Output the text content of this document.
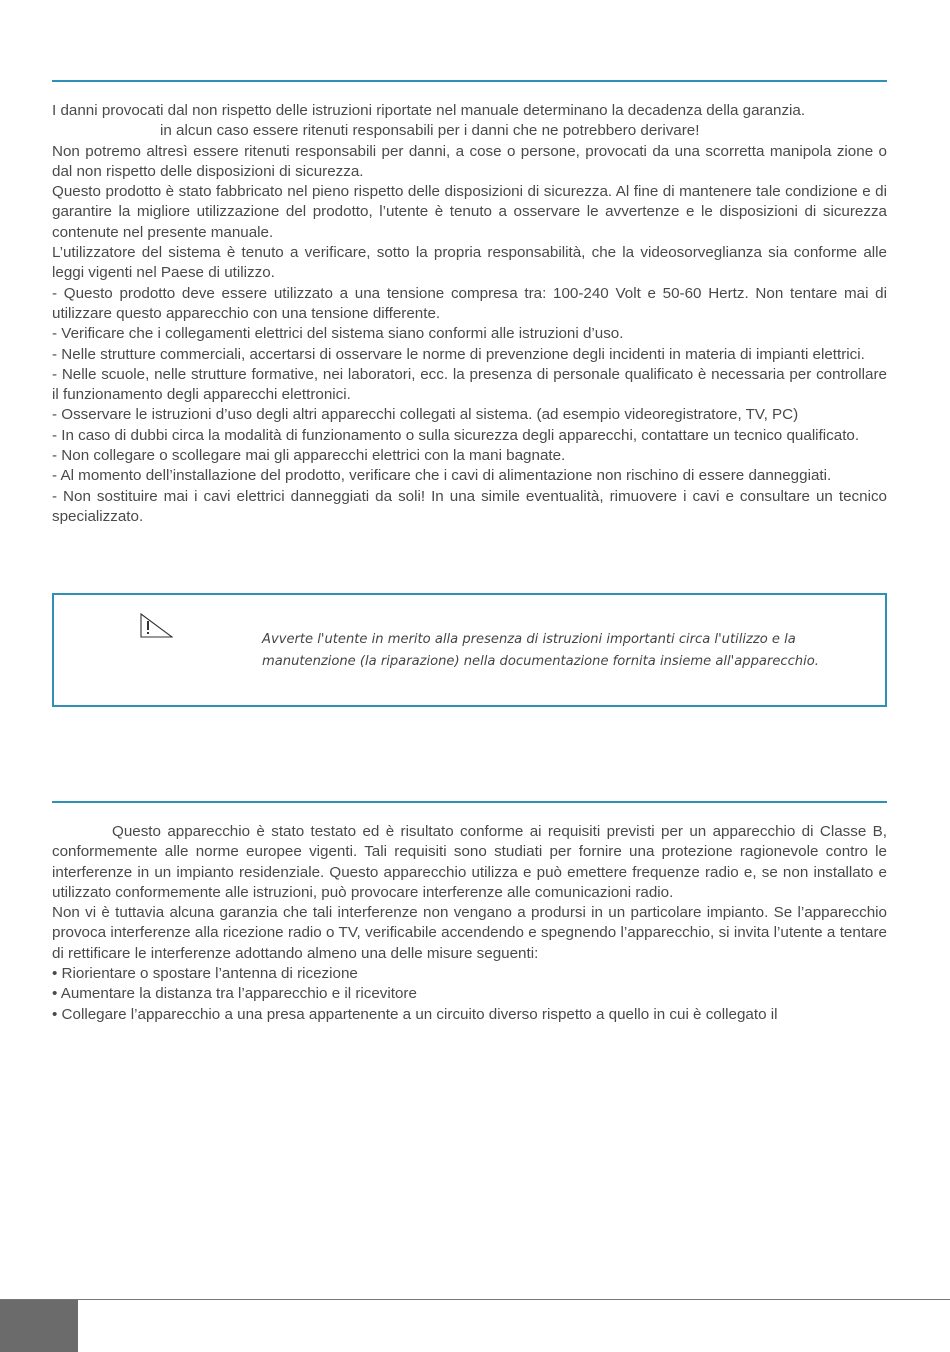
I danni provocati dal non rispetto delle istruzioni riportate nel manuale determinano la decadenza della garanzia.

in alcun caso essere ritenuti responsabili per i danni che ne potrebbero derivare!

Non potremo altresì essere ritenuti responsabili per danni, a cose o persone, provocati da una scorretta manipola zione o dal non rispetto delle disposizioni di sicurezza.

Questo prodotto è stato fabbricato nel pieno rispetto delle disposizioni di sicurezza. Al fine di mantenere tale condizione e di garantire la migliore utilizzazione del prodotto, l’utente è tenuto a osservare le avvertenze e le disposizioni di sicurezza contenute nel presente manuale.

L’utilizzatore del sistema è tenuto a verificare, sotto la propria responsabilità, che la videosorveglianza sia conforme alle leggi vigenti nel Paese di utilizzo.

- Questo prodotto deve essere utilizzato a una tensione compresa tra: 100-240 Volt e 50-60 Hertz. Non tentare mai di utilizzare questo apparecchio con una tensione differente.

- Verificare che i collegamenti elettrici del sistema siano conformi alle istruzioni d’uso.

- Nelle strutture commerciali, accertarsi di osservare le norme di prevenzione degli incidenti in materia di impianti elettrici.

- Nelle scuole, nelle strutture formative, nei laboratori, ecc. la presenza di personale qualificato è necessaria per controllare il funzionamento degli apparecchi elettronici.

- Osservare le istruzioni d’uso degli altri apparecchi collegati al sistema. (ad esempio videoregistratore, TV, PC)

- In caso di dubbi circa la modalità di funzionamento o sulla sicurezza degli apparecchi, contattare un tecnico qualificato.

- Non collegare o scollegare mai gli apparecchi elettrici con la mani bagnate.

- Al momento dell’installazione del prodotto, verificare che i cavi di alimentazione non rischino di essere danneggiati.

- Non sostituire mai i cavi elettrici danneggiati da soli! In una simile eventualità, rimuovere i cavi e consultare un tecnico specializzato.

Avverte l'utente in merito alla presenza di istruzioni importanti circa l'utilizzo e la manutenzione (la riparazione) nella documentazione fornita insieme all'apparecchio.

Questo apparecchio è stato testato ed è risultato conforme ai requisiti previsti per un apparecchio di Classe B, conformemente alle norme europee vigenti. Tali requisiti sono studiati per fornire una protezione ragionevole contro le interferenze in un impianto residenziale. Questo apparecchio utilizza e può emettere frequenze radio e, se non installato e utilizzato conformemente alle istruzioni, può provocare interferenze alle comunicazioni radio.

Non vi è tuttavia alcuna garanzia che tali interferenze non vengano a prodursi in un particolare impianto. Se l’apparecchio provoca interferenze alla ricezione radio o TV, verificabile accendendo e spegnendo l’apparecchio, si invita l’utente a tentare di rettificare le interferenze adottando almeno una delle misure seguenti:

• Riorientare o spostare l’antenna di ricezione

• Aumentare la distanza tra l’apparecchio e il ricevitore

• Collegare l’apparecchio a una presa appartenente a un circuito diverso rispetto a quello in cui è collegato il
